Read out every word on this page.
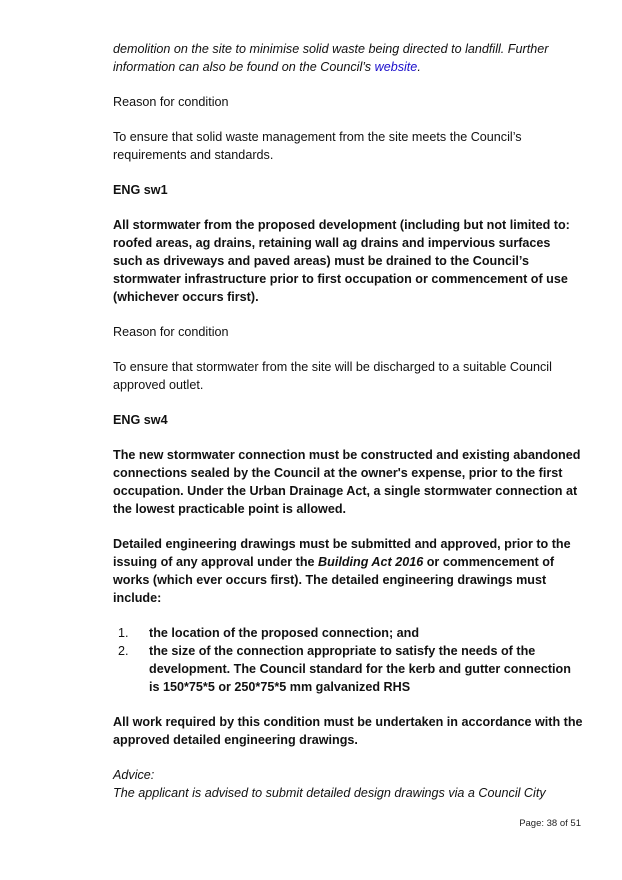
demolition on the site to minimise solid waste being directed to landfill. Further information can also be found on the Council’s website.

Reason for condition

To ensure that solid waste management from the site meets the Council’s requirements and standards.

ENG sw1

All stormwater from the proposed development (including but not limited to: roofed areas, ag drains, retaining wall ag drains and impervious surfaces such as driveways and paved areas) must be drained to the Council’s stormwater infrastructure prior to first occupation or commencement of use (whichever occurs first).

Reason for condition

To ensure that stormwater from the site will be discharged to a suitable Council approved outlet.

ENG sw4

The new stormwater connection must be constructed and existing abandoned connections sealed by the Council at the owner's expense, prior to the first occupation. Under the Urban Drainage Act, a single stormwater connection at the lowest practicable point is allowed.

Detailed engineering drawings must be submitted and approved, prior to the issuing of any approval under the Building Act 2016 or commencement of works (which ever occurs first). The detailed engineering drawings must include:

1. the location of the proposed connection; and
2. the size of the connection appropriate to satisfy the needs of the development. The Council standard for the kerb and gutter connection is 150*75*5 or 250*75*5 mm galvanized RHS

All work required by this condition must be undertaken in accordance with the approved detailed engineering drawings.

Advice:

The applicant is advised to submit detailed design drawings via a Council City

Page: 38 of 51
